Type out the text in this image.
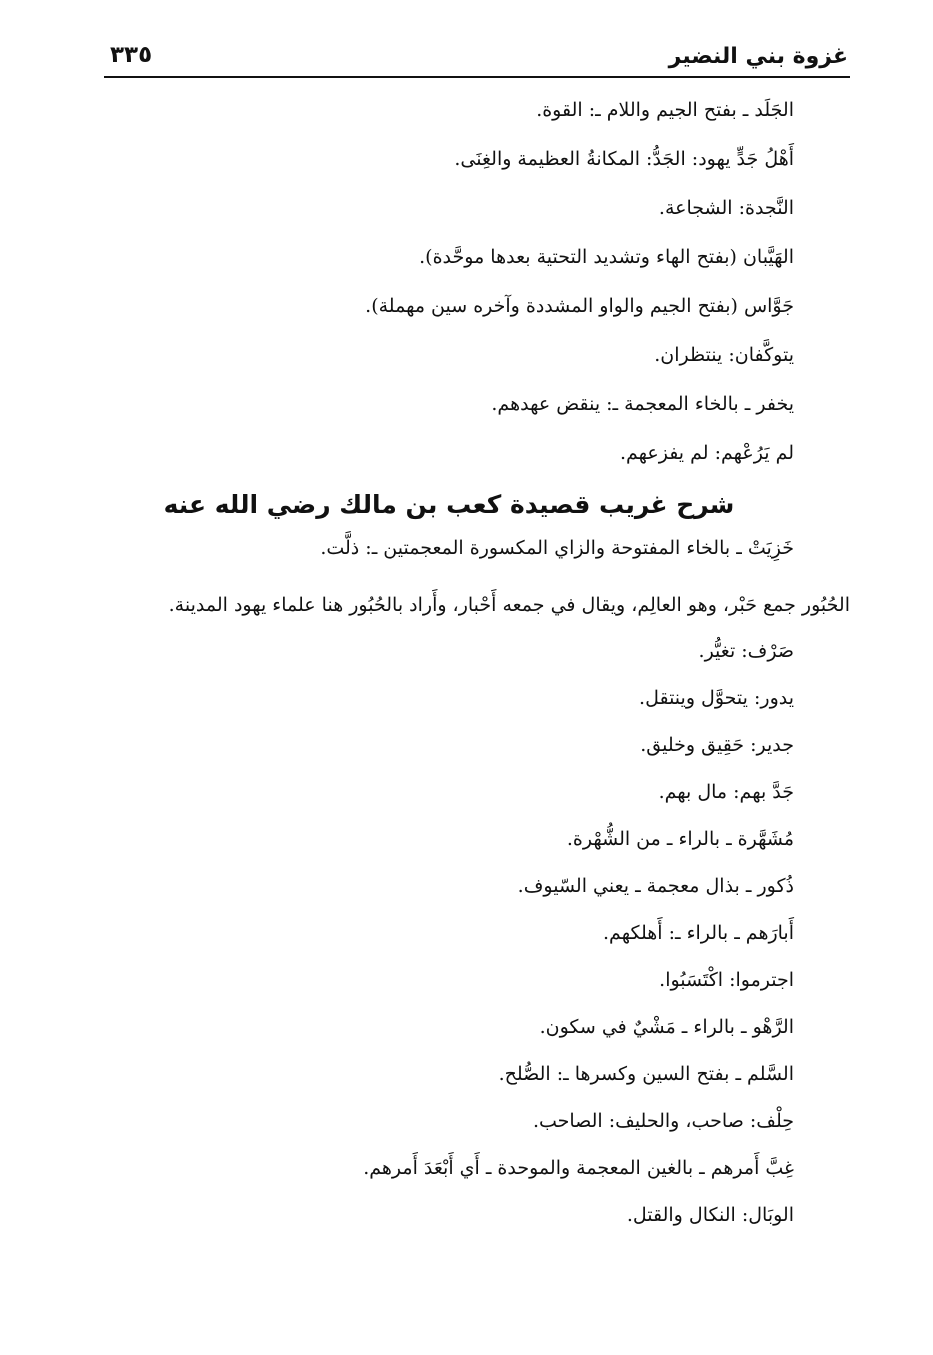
غزوة بني النضير
٣٣٥

الجَلَد ـ بفتح الجيم واللام ـ: القوة.

أَهْلُ جَدٍّ يهود: الجَدُّ: المكانةُ العظيمة والغِنَى.

النَّجدة: الشجاعة.

الهَيَّبان (بفتح الهاء وتشديد التحتية بعدها موحَّدة).

جَوَّاس (بفتح الجيم والواو المشددة وآخره سين مهملة).

يتوكَّفان: ينتظران.

يخفر ـ بالخاء المعجمة ـ: ينقض عهدهم.

لم يَرُعْهم: لم يفزعهم.

شرح غريب قصيدة كعب بن مالك رضي الله عنه

خَزِيَتْ ـ بالخاء المفتوحة والزاي المكسورة المعجمتين ـ: ذلَّت.

الحُبُور جمع حَبْر، وهو العالِم، ويقال في جمعه أَحْبار، وأَراد بالحُبُور هنا علماء يهود المدينة.

صَرْف: تغيُّر.

يدور: يتحوَّل وينتقل.

جدير: حَقِيق وخليق.

جَدَّ بهم: مال بهم.

مُشَهَّرة ـ بالراء ـ من الشُّهْرة.

ذُكور ـ بذال معجمة ـ يعني السّيوف.

أَبارَهم ـ بالراء ـ: أَهلكهم.

اجترموا: اكْتَسَبُوا.

الرَّهْو ـ بالراء ـ مَشْيٌ في سكون.

السَّلم ـ بفتح السين وكسرها ـ: الصُّلح.

حِلْف: صاحب، والحليف: الصاحب.

غِبَّ أَمرهم ـ بالغين المعجمة والموحدة ـ أَي أَبْعَدَ أَمرهم.

الوبَال: النكال والقتل.
